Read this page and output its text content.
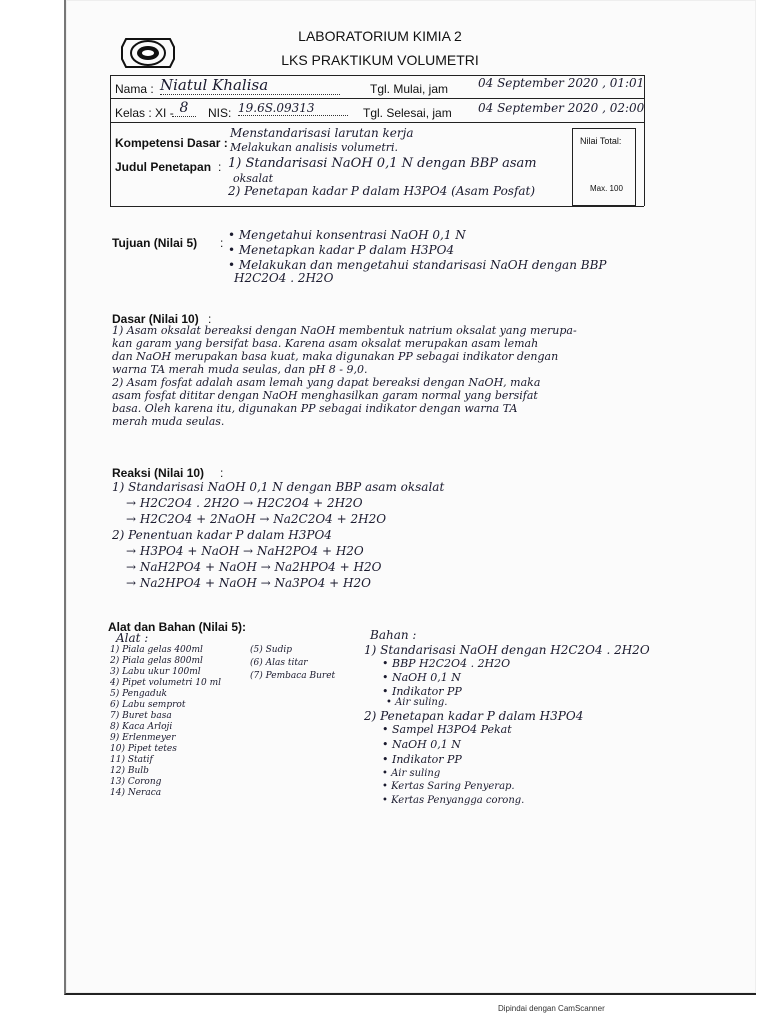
LABORATORIUM KIMIA 2
LKS PRAKTIKUM VOLUMETRI
Nama : Niatul Khalisa	Tgl. Mulai, jam 04 September 2020 , 01:01
Kelas : XI - 8	NIS: 19.6S.09313	Tgl. Selesai, jam 04 September 2020 , 02:00
Kompetensi Dasar :
Menstandarisasi larutan kerja
Melakukan analisis volumetri.
Judul Penetapan : 1) Standarisasi NaOH 0,1 N dengan BBP asam
oksalat
2) Penetapan kadar P dalam H3PO4 (Asam Posfat)
Nilai Total:
Max. 100
Tujuan (Nilai 5) :
• Mengetahui konsentrasi NaOH 0,1 N
• Menetapkan kadar P dalam H3PO4
• Melakukan dan mengetahui standarisasi NaOH dengan BBP
H2C2O4 . 2H2O
Dasar (Nilai 10) :
1) Asam oksalat bereaksi dengan NaOH membentuk natrium oksalat yang merupa-
kan garam yang bersifat basa. Karena asam oksalat merupakan asam lemah
dan NaOH merupakan basa kuat, maka digunakan PP sebagai indikator dengan
warna TA merah muda seulas, dan pH 8 - 9,0.
2) Asam fosfat adalah asam lemah yang dapat bereaksi dengan NaOH, maka
asam fosfat dititar dengan NaOH menghasilkan garam normal yang bersifat
basa. Oleh karena itu, digunakan PP sebagai indikator dengan warna TA
merah muda seulas.
Reaksi (Nilai 10) :
1) Standarisasi NaOH 0,1 N dengan BBP asam oksalat
→ H2C2O4 . 2H2O → H2C2O4 + 2H2O
→ H2C2O4 + 2NaOH → Na2C2O4 + 2H2O
2) Penentuan kadar P dalam H3PO4
→ H3PO4 + NaOH → NaH2PO4 + H2O
→ NaH2PO4 + NaOH → Na2HPO4 + H2O
→ Na2HPO4 + NaOH → Na3PO4 + H2O
Alat dan Bahan (Nilai 5):
Alat :
1) Piala gelas 400ml
2) Piala gelas 800ml
3) Labu ukur 100ml
4) Pipet volumetri 10 ml
5) Pengaduk
6) Labu semprot
7) Buret basa
8) Kaca Arloji
9) Erlenmeyer
10) Pipet tetes
11) Statif
12) Bulb
13) Corong
14) Neraca
(5) Sudip
(6) Alas titar
(7) Pembaca Buret
Bahan :
1) Standarisasi NaOH dengan H2C2O4 . 2H2O
• BBP H2C2O4 . 2H2O
• NaOH 0,1 N
• Indikator PP
• Air suling.
2) Penetapan kadar P dalam H3PO4
• Sampel H3PO4 Pekat
• NaOH 0,1 N
• Indikator PP
• Air suling
• Kertas Saring Penyerap.
• Kertas Penyangga corong.
Dipindai dengan CamScanner
